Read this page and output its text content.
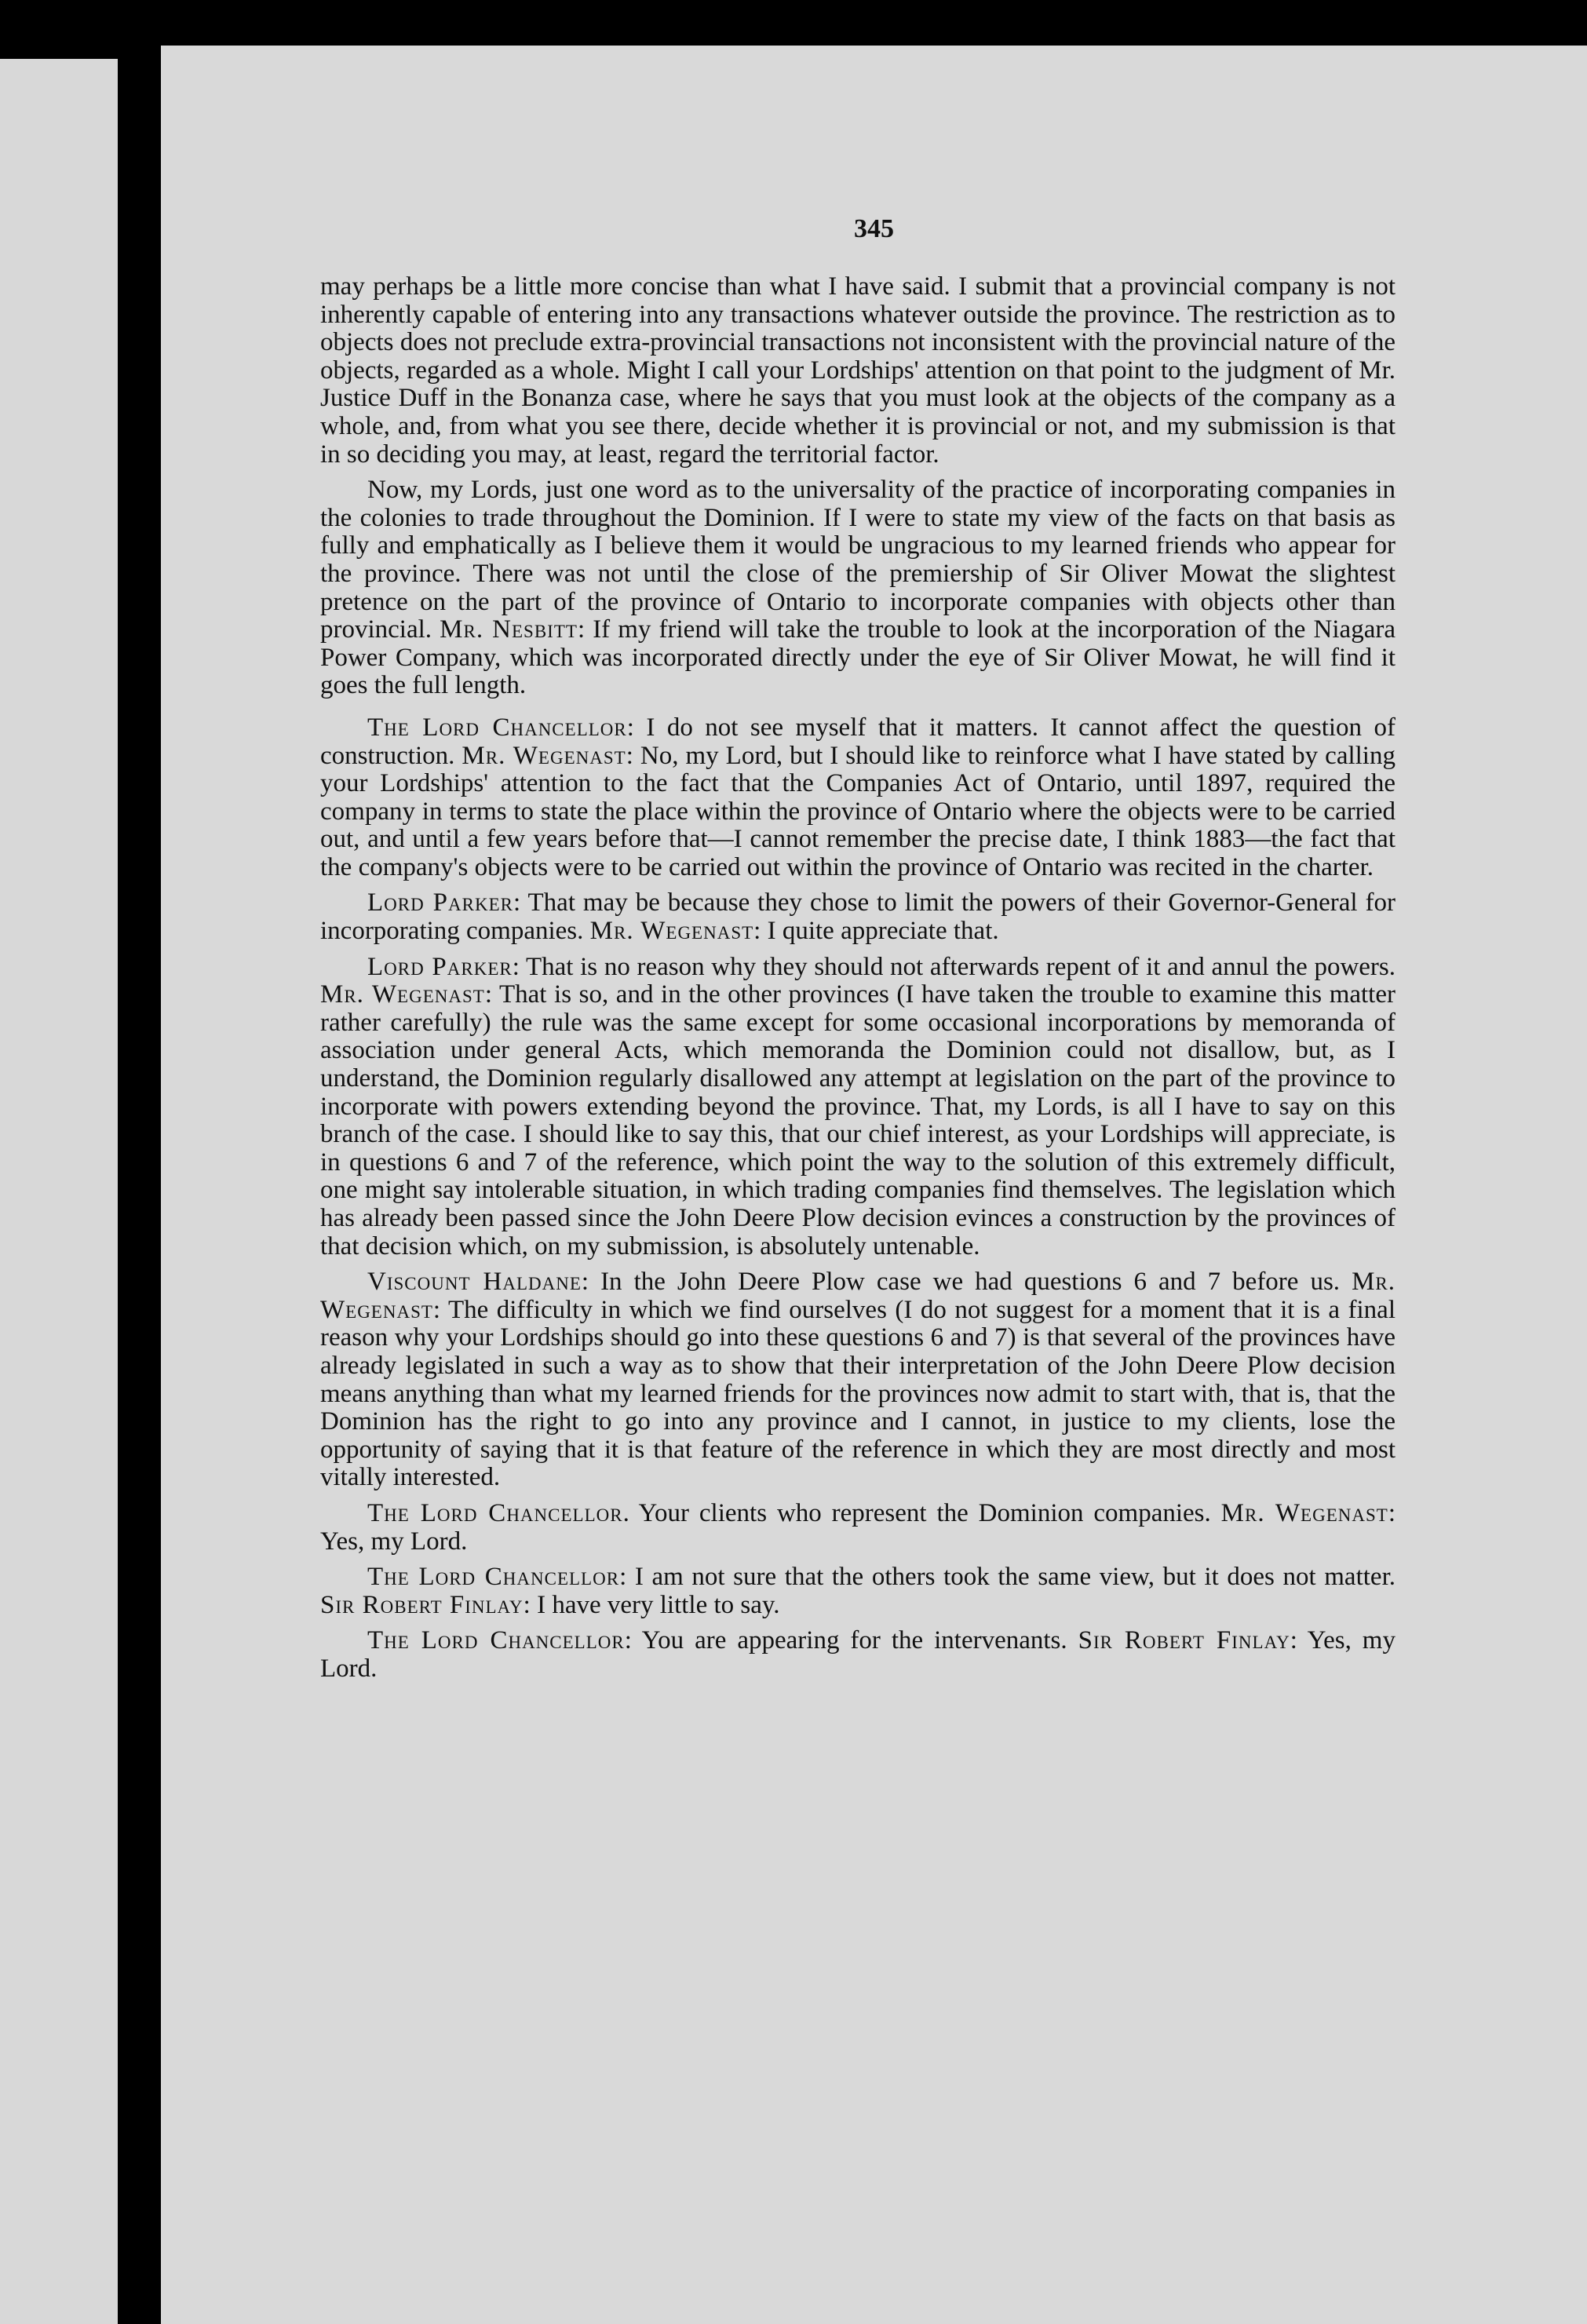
345

may perhaps be a little more concise than what I have said. I submit that a provincial company is not inherently capable of entering into any transactions whatever outside the province. The restriction as to objects does not preclude extra-provincial transactions not inconsistent with the provincial nature of the objects, regarded as a whole. Might I call your Lordships' attention on that point to the judgment of Mr. Justice Duff in the Bonanza case, where he says that you must look at the objects of the company as a whole, and, from what you see there, decide whether it is provincial or not, and my submission is that in so deciding you may, at least, regard the territorial factor.

Now, my Lords, just one word as to the universality of the practice of incorporating companies in the colonies to trade throughout the Dominion. If I were to state my view of the facts on that basis as fully and emphatically as I believe them it would be ungracious to my learned friends who appear for the province. There was not until the close of the premiership of Sir Oliver Mowat the slightest pretence on the part of the province of Ontario to incorporate companies with objects other than provincial. Mr. Nesbitt: If my friend will take the trouble to look at the incorporation of the Niagara Power Company, which was incorporated directly under the eye of Sir Oliver Mowat, he will find it goes the full length.

The Lord Chancellor: I do not see myself that it matters. It cannot affect the question of construction. Mr. Wegenast: No, my Lord, but I should like to reinforce what I have stated by calling your Lordships' attention to the fact that the Companies Act of Ontario, until 1897, required the company in terms to state the place within the province of Ontario where the objects were to be carried out, and until a few years before that—I cannot remember the precise date, I think 1883—the fact that the company's objects were to be carried out within the province of Ontario was recited in the charter.

Lord Parker: That may be because they chose to limit the powers of their Governor-General for incorporating companies. Mr. Wegenast: I quite appreciate that.

Lord Parker: That is no reason why they should not afterwards repent of it and annul the powers. Mr. Wegenast: That is so, and in the other provinces (I have taken the trouble to examine this matter rather carefully) the rule was the same except for some occasional incorporations by memoranda of association under general Acts, which memoranda the Dominion could not disallow, but, as I understand, the Dominion regularly disallowed any attempt at legislation on the part of the province to incorporate with powers extending beyond the province. That, my Lords, is all I have to say on this branch of the case. I should like to say this, that our chief interest, as your Lordships will appreciate, is in questions 6 and 7 of the reference, which point the way to the solution of this extremely difficult, one might say intolerable situation, in which trading companies find themselves. The legislation which has already been passed since the John Deere Plow decision evinces a construction by the provinces of that decision which, on my submission, is absolutely untenable.

Viscount Haldane: In the John Deere Plow case we had questions 6 and 7 before us. Mr. Wegenast: The difficulty in which we find ourselves (I do not suggest for a moment that it is a final reason why your Lordships should go into these questions 6 and 7) is that several of the provinces have already legislated in such a way as to show that their interpretation of the John Deere Plow decision means anything than what my learned friends for the provinces now admit to start with, that is, that the Dominion has the right to go into any province and I cannot, in justice to my clients, lose the opportunity of saying that it is that feature of the reference in which they are most directly and most vitally interested.

The Lord Chancellor. Your clients who represent the Dominion companies. Mr. Wegenast: Yes, my Lord.

The Lord Chancellor: I am not sure that the others took the same view, but it does not matter. Sir Robert Finlay: I have very little to say.

The Lord Chancellor: You are appearing for the intervenants. Sir Robert Finlay: Yes, my Lord.
